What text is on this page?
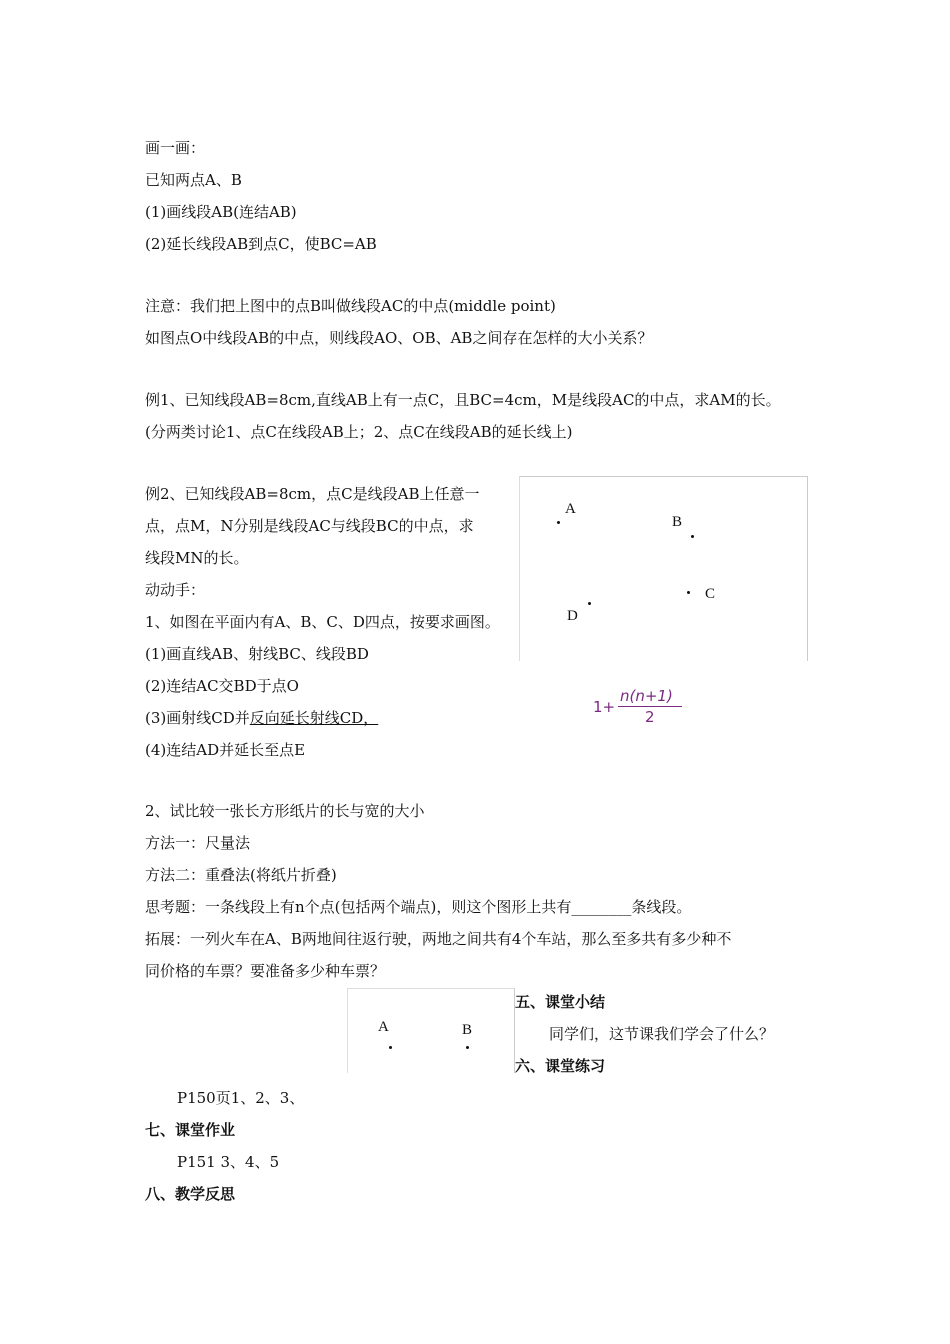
画一画：
已知两点A、B
(1)画线段AB(连结AB)
(2)延长线段AB到点C，使BC=AB
注意：我们把上图中的点B叫做线段AC的中点(middle point)
如图点O中线段AB的中点，则线段AO、OB、AB之间存在怎样的大小关系？
例1、已知线段AB=8cm,直线AB上有一点C，且BC=4cm，M是线段AC的中点，求AM的长。
(分两类讨论1、点C在线段AB上；2、点C在线段AB的延长线上)
例2、已知线段AB=8cm，点C是线段AB上任意一
点，点M，N分别是线段AC与线段BC的中点，求
线段MN的长。
动动手：
1、如图在平面内有A、B、C、D四点，按要求画图。
(1)画直线AB、射线BC、线段BD
(2)连结AC交BD于点O
(3)画射线CD并反向延长射线CD，
(4)连结AD并延长至点E
2、试比较一张长方形纸片的长与宽的大小
方法一：尺量法
方法二：重叠法(将纸片折叠)
思考题：一条线段上有n个点(包括两个端点)，则这个图形上共有________条线段。
拓展：一列火车在A、B两地间往返行驶，两地之间共有4个车站，那么至多共有多少种不
同价格的车票？要准备多少种车票？
五、课堂小结
同学们，这节课我们学会了什么？
六、课堂练习
P150页1、2、3、
七、课堂作业
P151 3、4、5
八、教学反思
A
B
C
D
1+
n(n+1)
2
A	B
